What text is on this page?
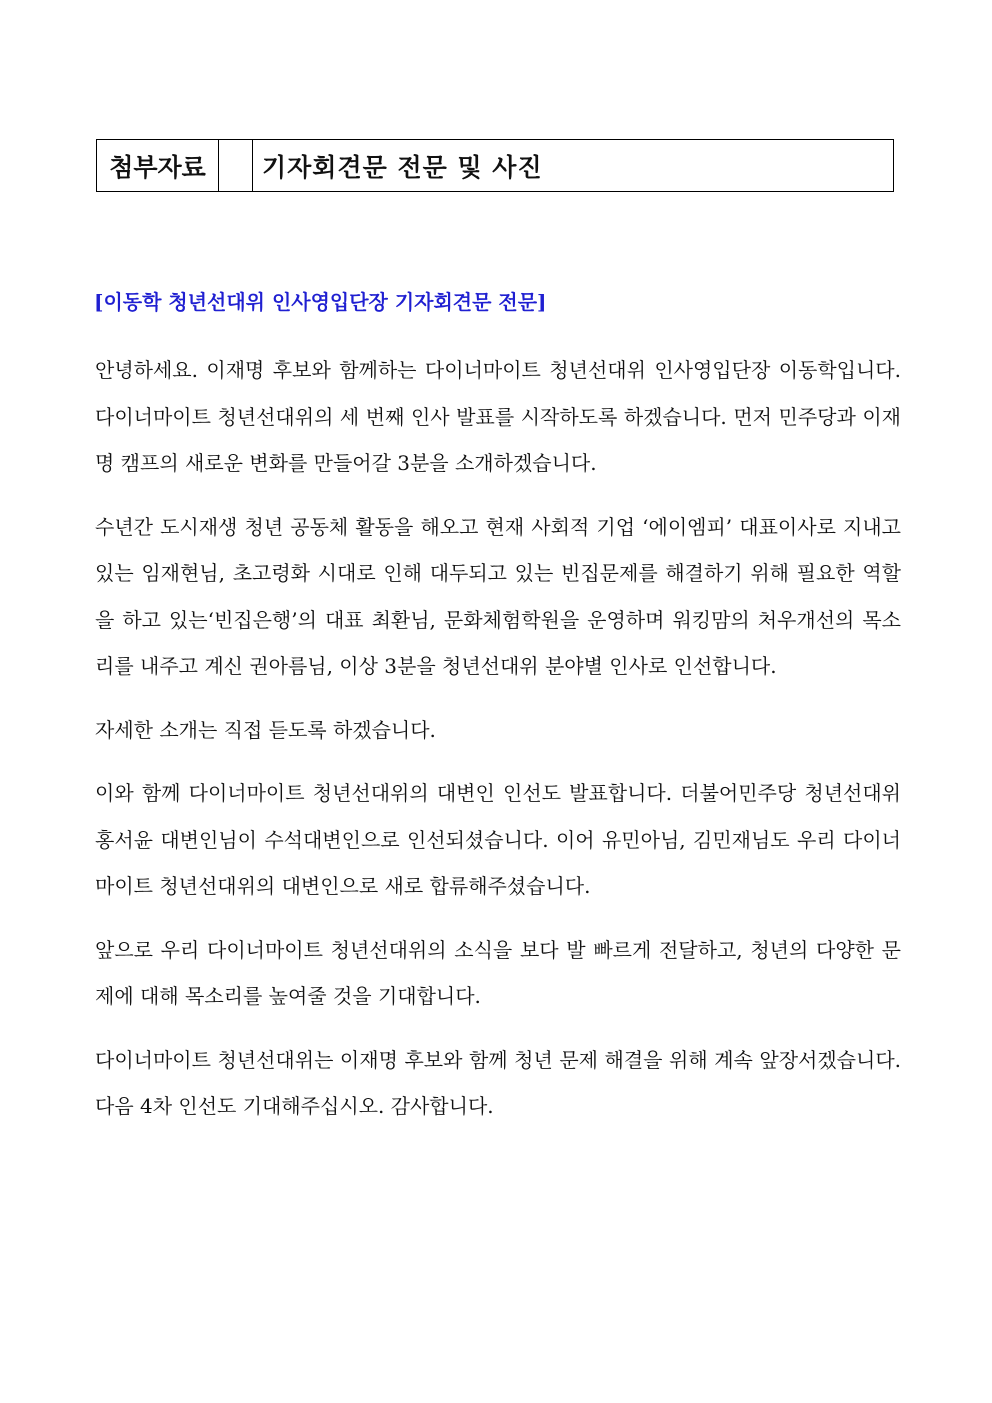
첨부자료	기자회견문 전문 및 사진
[이동학 청년선대위 인사영입단장 기자회견문 전문]

안녕하세요. 이재명 후보와 함께하는 다이너마이트 청년선대위 인사영입단장 이동학입니다. 다이너마이트 청년선대위의 세 번째 인사 발표를 시작하도록 하겠습니다. 먼저 민주당과 이재명 캠프의 새로운 변화를 만들어갈 3분을 소개하겠습니다.

수년간 도시재생 청년 공동체 활동을 해오고 현재 사회적 기업 ‘에이엠피’ 대표이사로 지내고 있는 임재현님, 초고령화 시대로 인해 대두되고 있는 빈집문제를 해결하기 위해 필요한 역할을 하고 있는‘빈집은행’의 대표 최환님, 문화체험학원을 운영하며 워킹맘의 처우개선의 목소리를 내주고 계신 권아름님, 이상 3분을 청년선대위 분야별 인사로 인선합니다.

자세한 소개는 직접 듣도록 하겠습니다.

이와 함께 다이너마이트 청년선대위의 대변인 인선도 발표합니다. 더불어민주당 청년선대위 홍서윤 대변인님이 수석대변인으로 인선되셨습니다. 이어 유민아님, 김민재님도 우리 다이너마이트 청년선대위의 대변인으로 새로 합류해주셨습니다.

앞으로 우리 다이너마이트 청년선대위의 소식을 보다 발 빠르게 전달하고, 청년의 다양한 문제에 대해 목소리를 높여줄 것을 기대합니다.

다이너마이트 청년선대위는 이재명 후보와 함께 청년 문제 해결을 위해 계속 앞장서겠습니다. 다음 4차 인선도 기대해주십시오. 감사합니다.
